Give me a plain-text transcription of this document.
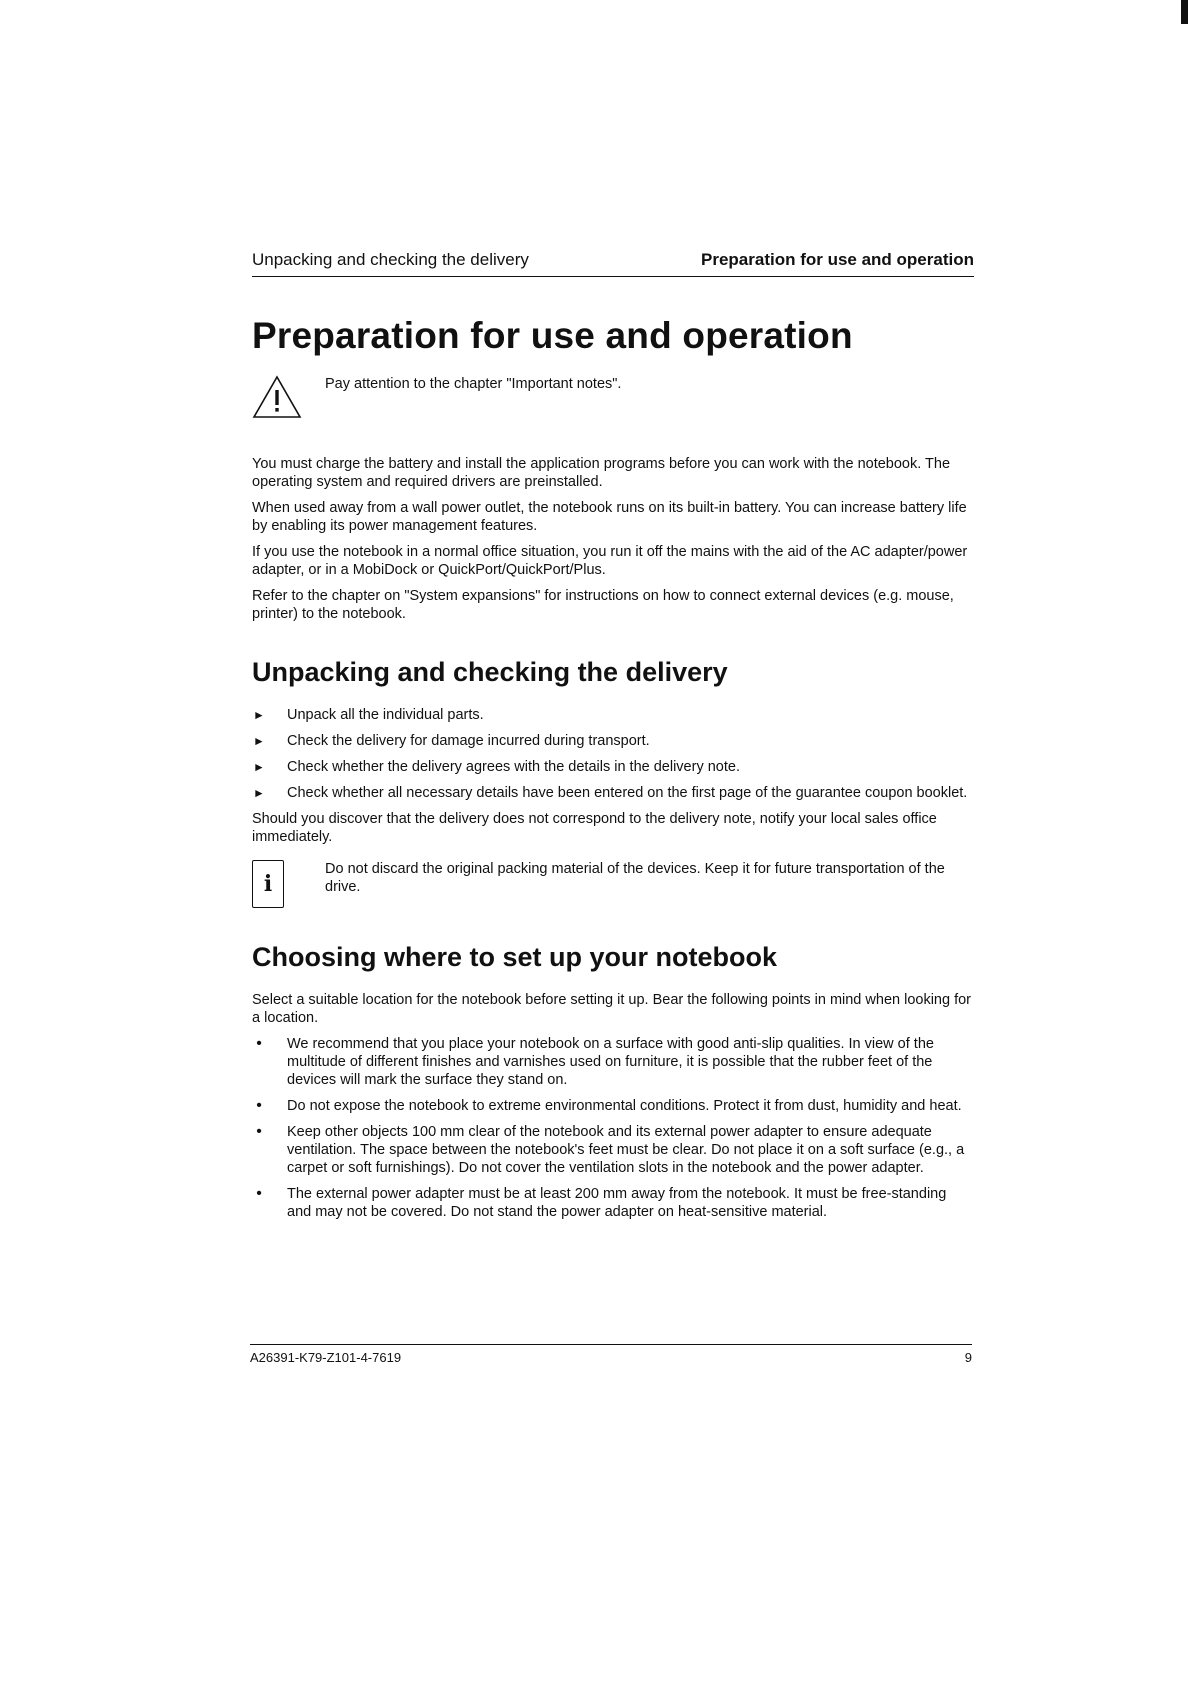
Unpacking and checking the delivery	Preparation for use and operation
Preparation for use and operation
Pay attention to the chapter "Important notes".

You must charge the battery and install the application programs before you can work with the notebook. The operating system and required drivers are preinstalled.

When used away from a wall power outlet, the notebook runs on its built-in battery. You can increase battery life by enabling its power management features.

If you use the notebook in a normal office situation, you run it off the mains with the aid of the AC adapter/power adapter, or in a MobiDock or QuickPort/QuickPort/Plus.

Refer to the chapter on "System expansions" for instructions on how to connect external devices (e.g. mouse, printer) to the notebook.

Unpacking and checking the delivery
► Unpack all the individual parts.
► Check the delivery for damage incurred during transport.
► Check whether the delivery agrees with the details in the delivery note.
► Check whether all necessary details have been entered on the first page of the guarantee coupon booklet.

Should you discover that the delivery does not correspond to the delivery note, notify your local sales office immediately.

i
Do not discard the original packing material of the devices. Keep it for future transportation of the drive.
Choosing where to set up your notebook

Select a suitable location for the notebook before setting it up. Bear the following points in mind when looking for a location.

• We recommend that you place your notebook on a surface with good anti-slip qualities. In view of the multitude of different finishes and varnishes used on furniture, it is possible that the rubber feet of the devices will mark the surface they stand on.
• Do not expose the notebook to extreme environmental conditions. Protect it from dust, humidity and heat.
• Keep other objects 100 mm clear of the notebook and its external power adapter to ensure adequate ventilation. The space between the notebook's feet must be clear. Do not place it on a soft surface (e.g., a carpet or soft furnishings). Do not cover the ventilation slots in the notebook and the power adapter.
• The external power adapter must be at least 200 mm away from the notebook. It must be free-standing and may not be covered. Do not stand the power adapter on heat-sensitive material.
A26391-K79-Z101-4-7619	9
